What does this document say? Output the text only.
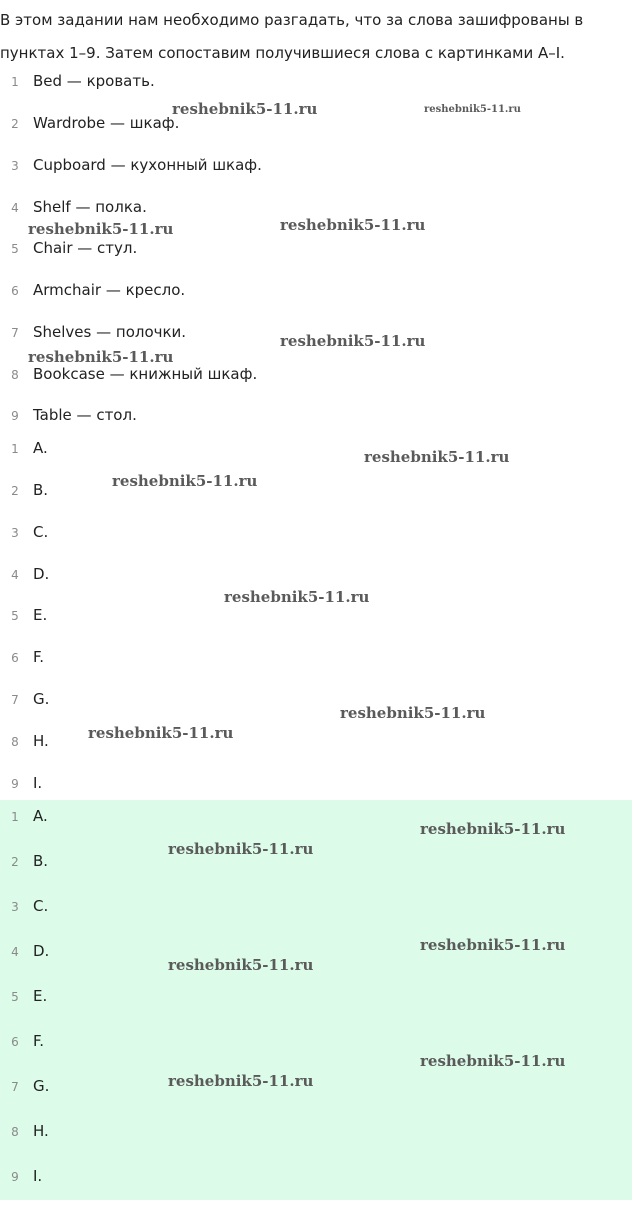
В этом задании нам необходимо разгадать, что за слова зашифрованы в пунктах 1–9. Затем сопоставим получившиеся слова с картинками A–I.
1 Bed — кровать.
2 Wardrobe — шкаф.
3 Cupboard — кухонный шкаф.
4 Shelf — полка.
5 Chair — стул.
6 Armchair — кресло.
7 Shelves — полочки.
8 Bookcase — книжный шкаф.
9 Table — стол.
1 A.
2 B.
3 C.
4 D.
5 E.
6 F.
7 G.
8 H.
9 I.
1 A.
2 B.
3 C.
4 D.
5 E.
6 F.
7 G.
8 H.
9 I.
reshebnik5-11.ru	reshebnik5-11.ru
reshebnik5-11.ru	reshebnik5-11.ru
reshebnik5-11.ru
reshebnik5-11.ru
reshebnik5-11.ru
reshebnik5-11.ru
reshebnik5-11.ru
reshebnik5-11.ru
reshebnik5-11.ru
reshebnik5-11.ru
reshebnik5-11.ru
reshebnik5-11.ru
reshebnik5-11.ru
reshebnik5-11.ru
reshebnik5-11.ru
